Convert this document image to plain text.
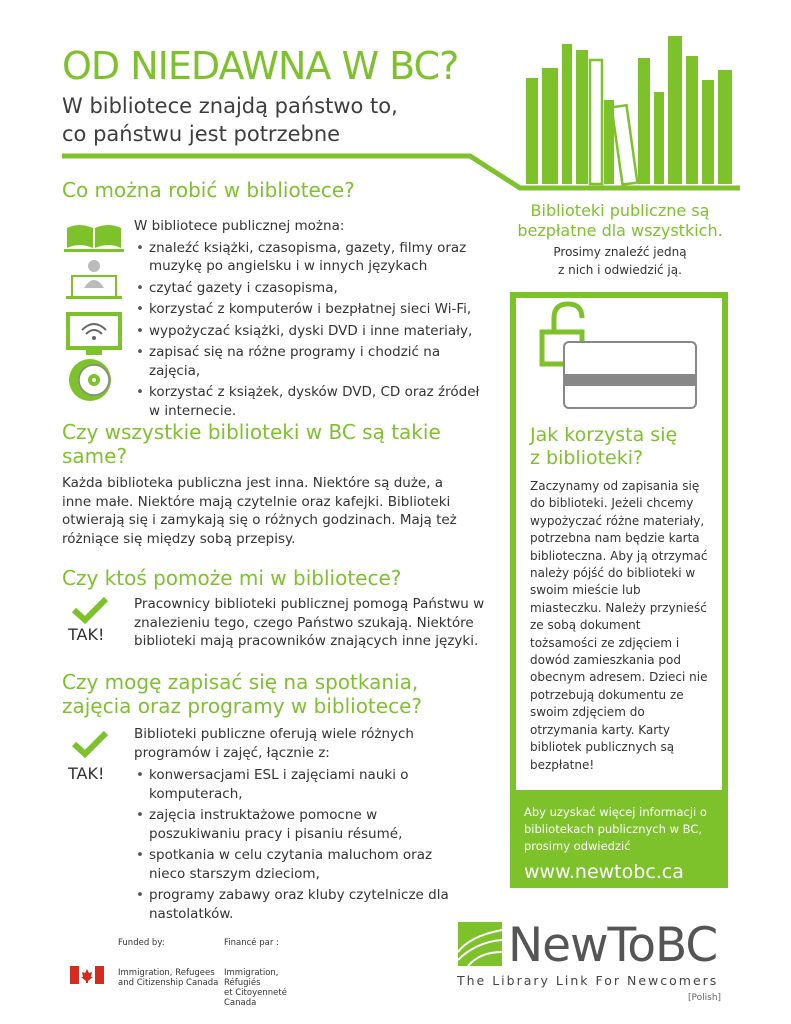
OD NIEDAWNA W BC?
W bibliotece znajdą państwo to,
co państwu jest potrzebne
Co można robić w bibliotece?
W bibliotece publicznej można:
• znaleźć książki, czasopisma, gazety, filmy oraz muzykę po angielsku i w innych językach
• czytać gazety i czasopisma,
• korzystać z komputerów i bezpłatnej sieci Wi-Fi,
• wypożyczać książki, dyski DVD i inne materiały,
• zapisać się na różne programy i chodzić na zajęcia,
• korzystać z książek, dysków DVD, CD oraz źródeł w internecie.
Czy wszystkie biblioteki w BC są takie same?
Każda biblioteka publiczna jest inna. Niektóre są duże, a inne małe. Niektóre mają czytelnie oraz kafejki. Biblioteki otwierają się i zamykają się o różnych godzinach. Mają też różniące się między sobą przepisy.
Czy ktoś pomoże mi w bibliotece?
TAK!
Pracownicy biblioteki publicznej pomogą Państwu w znalezieniu tego, czego Państwo szukają. Niektóre biblioteki mają pracowników znających inne języki.
Czy mogę zapisać się na spotkania,
zajęcia oraz programy w bibliotece?
TAK!
Biblioteki publiczne oferują wiele różnych programów i zajęć, łącznie z:
• konwersacjami ESL i zajęciami nauki o komputerach,
• zajęcia instruktażowe pomocne w poszukiwaniu pracy i pisaniu résumé,
• spotkania w celu czytania maluchom oraz nieco starszym dzieciom,
• programy zabawy oraz kluby czytelnicze dla nastolatków.
Biblioteki publiczne są
bezpłatne dla wszystkich.
Prosimy znaleźć jedną
z nich i odwiedzić ją.
Jak korzysta się
z biblioteki?
Zaczynamy od zapisania się do biblioteki. Jeżeli chcemy wypożyczać różne materiały, potrzebna nam będzie karta biblioteczna. Aby ją otrzymać należy pójść do biblioteki w swoim mieście lub miasteczku. Należy przynieść ze sobą dokument tożsamości ze zdjęciem i dowód zamieszkania pod obecnym adresem. Dzieci nie potrzebują dokumentu ze swoim zdjęciem do otrzymania karty. Karty bibliotek publicznych są bezpłatne!
Aby uzyskać więcej informacji o bibliotekach publicznych w BC, prosimy odwiedzić
www.newtobc.ca
Funded by:	Financé par :
Immigration, Refugees
and Citizenship Canada
Immigration, Réfugiés
et Citoyenneté Canada
NewToBC
The Library Link For Newcomers
[Polish]
